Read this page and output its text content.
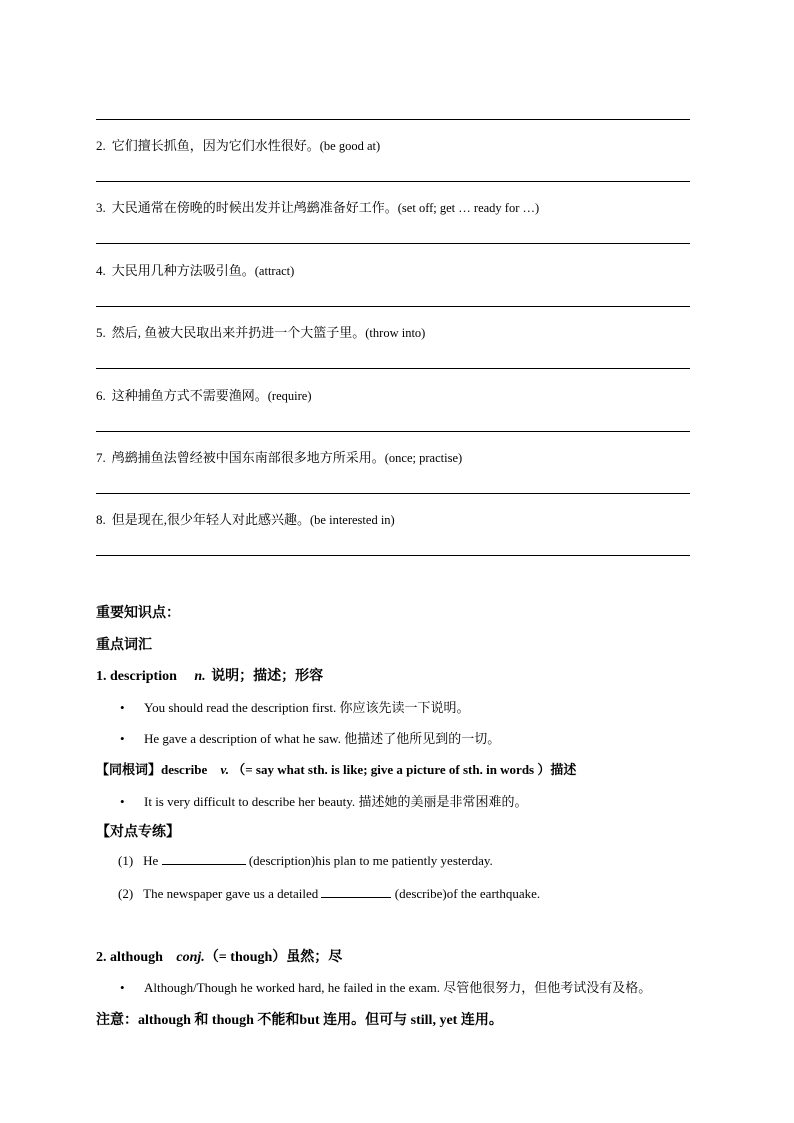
2. 它们擅长抓鱼，因为它们水性很好。(be good at)
3. 大民通常在傍晚的时候出发并让鸬鹚准备好工作。(set off; get … ready for …)
4. 大民用几种方法吸引鱼。(attract)
5. 然后, 鱼被大民取出来并扔进一个大篮子里。(throw into)
6. 这种捕鱼方式不需要渔网。(require)
7. 鸬鹚捕鱼法曾经被中国东南部很多地方所采用。(once; practise)
8. 但是现在,很少年轻人对此感兴趣。(be interested in)
重要知识点：
重点词汇
1. description n. 说明；描述；形容
• You should read the description first. 你应该先读一下说明。
• He gave a description of what he saw. 他描述了他所见到的一切。
【同根词】describe v. （= say what sth. is like; give a picture of sth. in words ）描述
• It is very difficult to describe her beauty. 描述她的美丽是非常困难的。
【对点专练】
(1) He	(description)his plan to me patiently yesterday.
(2) The newspaper gave us a detailed	(describe)of the earthquake.
2. although conj.（= though）虽然；尽
• Although/Though he worked hard, he failed in the exam. 尽管他很努力，但他考试没有及格。
注意：although 和 though 不能和but 连用。但可与 still, yet 连用。
